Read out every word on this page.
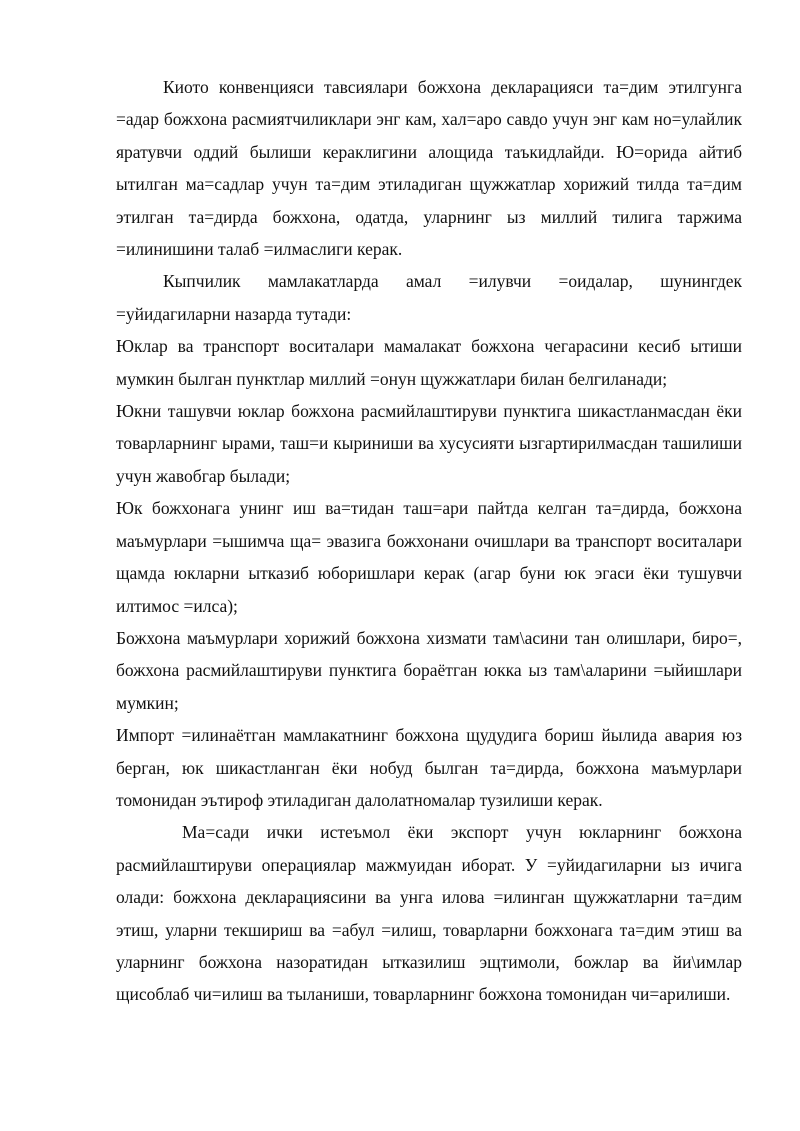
Киото конвенцияси тавсиялари божхона декларацияси та=дим этилгунга =адар божхона расмиятчиликлари энг кам, хал=аро савдо учун энг кам но=улайлик яратувчи оддий былиши кераклигини алощида таъкидлайди. Ю=орида айтиб ытилган ма=садлар учун та=дим этиладиган щужжатлар хорижий тилда та=дим этилган та=дирда божхона, одатда, уларнинг ыз миллий тилига таржима =илинишини талаб =илмаслиги керак.

Кыпчилик мамлакатларда амал =илувчи =оидалар, шунингдек =уйидагиларни назарда тутади:

Юклар ва транспорт воситалари мамалакат божхона чегарасини кесиб ытиши мумкин былган пунктлар миллий =онун щужжатлари билан белгиланади;

Юкни ташувчи юклар божхона расмийлаштируви пунктига шикастланмасдан ёки товарларнинг ырами, таш=и кыриниши ва хусусияти ызгартирилмасдан ташилиши учун жавобгар былади;

Юк божхонага унинг иш ва=тидан таш=ари пайтда келган та=дирда, божхона маъмурлари =ышимча ща= эвазига божхонани очишлари ва транспорт воситалари щамда юкларни ытказиб юборишлари керак (агар буни юк эгаси ёки тушувчи илтимос =илса);

Божхона маъмурлари хорижий божхона хизмати там\асини тан олишлари, биро=, божхона расмийлаштируви пунктига бораётган юкка ыз там\аларини =ыйишлари мумкин;

Импорт =илинаётган мамлакатнинг божхона щудудига бориш йылида авария юз берган, юк шикастланган ёки нобуд былган та=дирда, божхона маъмурлари томонидан эътироф этиладиган далолатномалар тузилиши керак.

Ма=сади ички истеъмол ёки экспорт учун юкларнинг божхона расмийлаштируви операциялар мажмуидан иборат. У =уйидагиларни ыз ичига олади: божхона декларациясини ва унга илова =илинган щужжатларни та=дим этиш, уларни текшириш ва =абул =илиш, товарларни божхонага та=дим этиш ва уларнинг божхона назоратидан ытказилиш эщтимоли, божлар ва йи\имлар щисоблаб чи=илиш ва тыланиши, товарларнинг божхона томонидан чи=арилиши.
